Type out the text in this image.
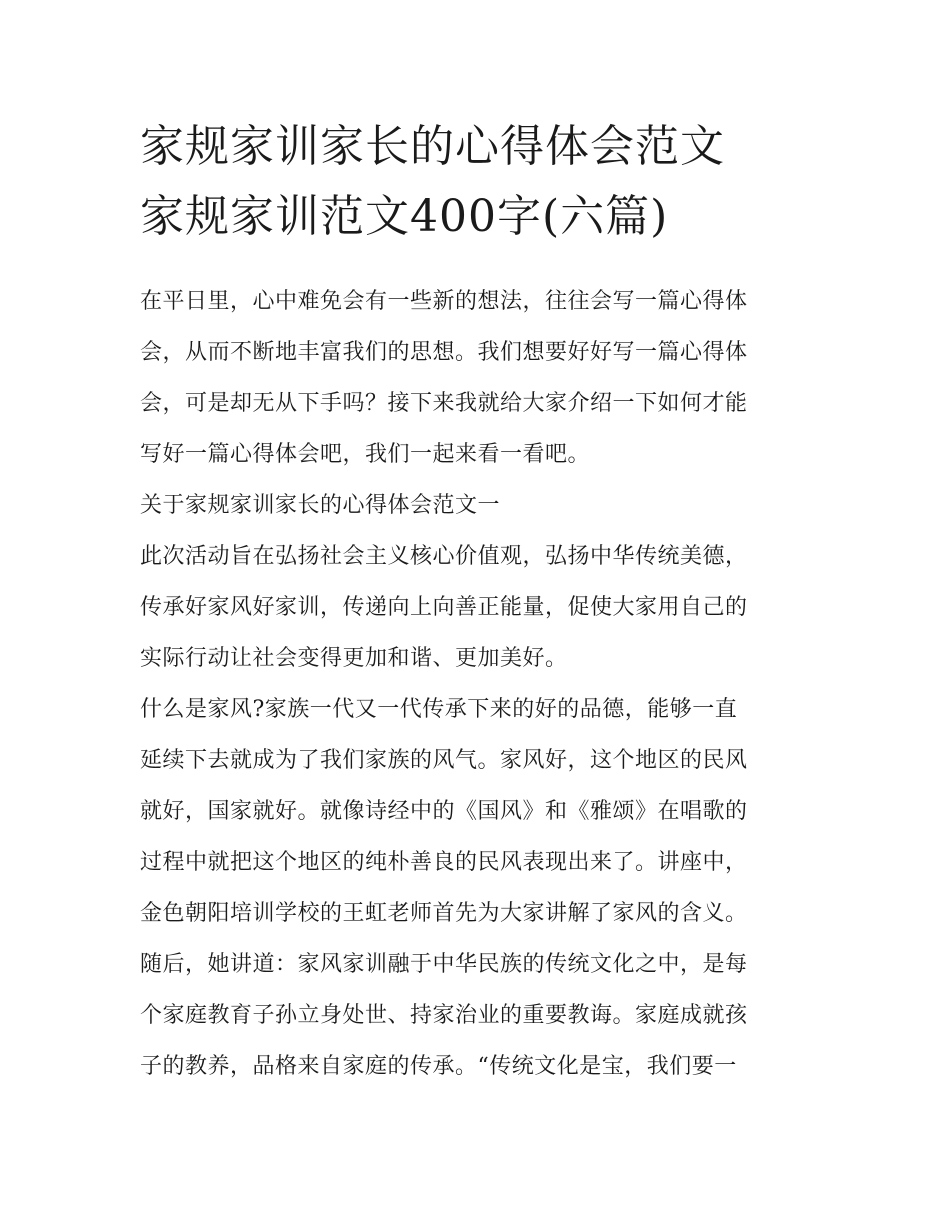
家规家训家长的心得体会范文
家规家训范文400字(六篇)

在平日里，心中难免会有一些新的想法，往往会写一篇心得体
会，从而不断地丰富我们的思想。我们想要好好写一篇心得体
会，可是却无从下手吗？接下来我就给大家介绍一下如何才能
写好一篇心得体会吧，我们一起来看一看吧。

关于家规家训家长的心得体会范文一

此次活动旨在弘扬社会主义核心价值观，弘扬中华传统美德，
传承好家风好家训，传递向上向善正能量，促使大家用自己的
实际行动让社会变得更加和谐、更加美好。

什么是家风?家族一代又一代传承下来的好的品德，能够一直
延续下去就成为了我们家族的风气。家风好，这个地区的民风
就好，国家就好。就像诗经中的《国风》和《雅颂》在唱歌的
过程中就把这个地区的纯朴善良的民风表现出来了。讲座中，
金色朝阳培训学校的王虹老师首先为大家讲解了家风的含义。
随后，她讲道：家风家训融于中华民族的传统文化之中，是每
个家庭教育子孙立身处世、持家治业的重要教诲。家庭成就孩
子的教养，品格来自家庭的传承。“传统文化是宝，我们要一
